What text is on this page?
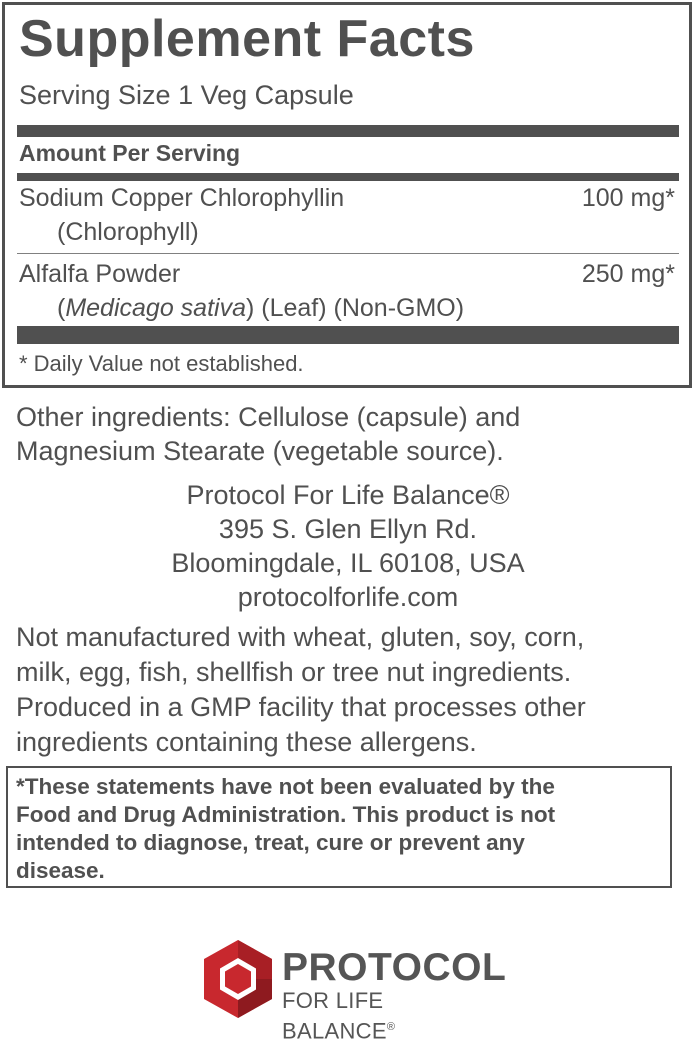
Supplement Facts
Serving Size 1 Veg Capsule
Amount Per Serving
Sodium Copper Chlorophyllin
(Chlorophyll)
100 mg*
Alfalfa Powder
(Medicago sativa) (Leaf) (Non-GMO)
250 mg*
* Daily Value not established.
Other ingredients: Cellulose (capsule) and
Magnesium Stearate (vegetable source).
Protocol For Life Balance®
395 S. Glen Ellyn Rd.
Bloomingdale, IL 60108, USA
protocolforlife.com
Not manufactured with wheat, gluten, soy, corn,
milk, egg, fish, shellfish or tree nut ingredients.
Produced in a GMP facility that processes other
ingredients containing these allergens.
*These statements have not been evaluated by the
Food and Drug Administration. This product is not
intended to diagnose, treat, cure or prevent any
disease.
PROTOCOL
FOR LIFE BALANCE®
